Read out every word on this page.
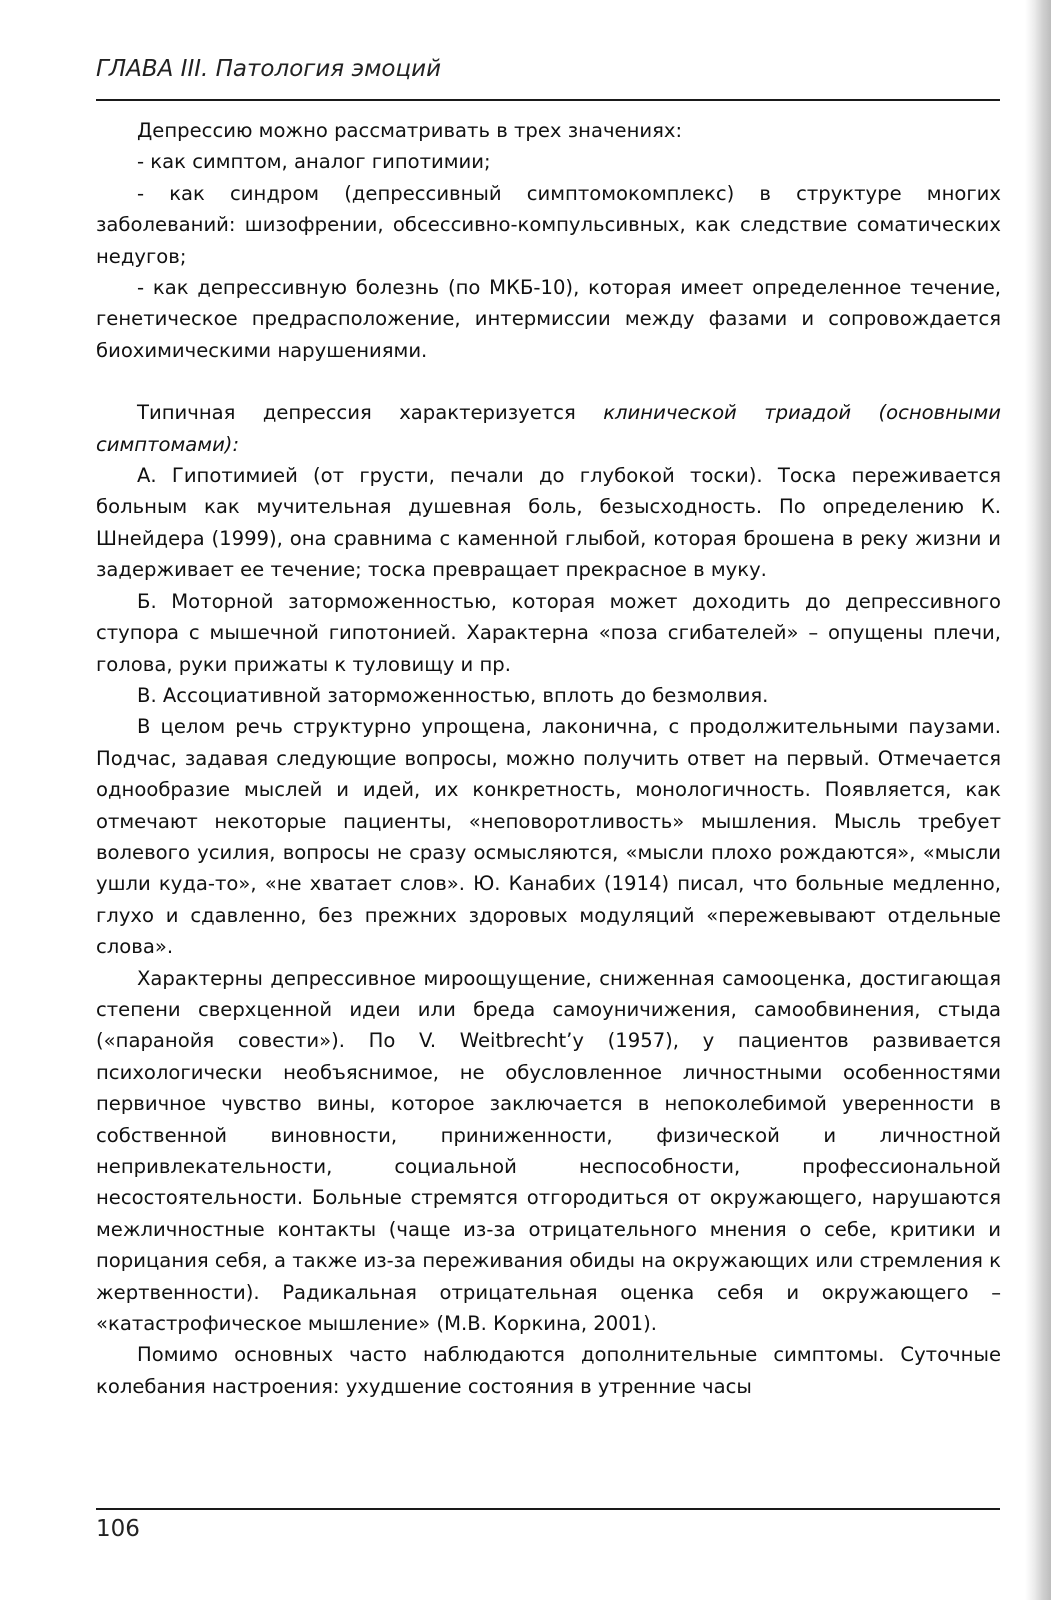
ГЛАВА III. Патология эмоций

Депрессию можно рассматривать в трех значениях:

- как симптом, аналог гипотимии;

- как синдром (депрессивный симптомокомплекс) в структуре многих заболеваний: шизофрении, обсессивно-компульсивных, как следствие соматических недугов;

- как депрессивную болезнь (по МКБ-10), которая имеет определенное течение, генетическое предрасположение, интермиссии между фазами и сопровождается биохимическими нарушениями.

Типичная депрессия характеризуется клинической триадой (основными симптомами):

А. Гипотимией (от грусти, печали до глубокой тоски). Тоска переживается больным как мучительная душевная боль, безысходность. По определению К. Шнейдера (1999), она сравнима с каменной глыбой, которая брошена в реку жизни и задерживает ее течение; тоска превращает прекрасное в муку.

Б. Моторной заторможенностью, которая может доходить до депрессивного ступора с мышечной гипотонией. Характерна «поза сгибателей» – опущены плечи, голова, руки прижаты к туловищу и пр.

В. Ассоциативной заторможенностью, вплоть до безмолвия.

В целом речь структурно упрощена, лаконична, с продолжительными паузами. Подчас, задавая следующие вопросы, можно получить ответ на первый. Отмечается однообразие мыслей и идей, их конкретность, монологичность. Появляется, как отмечают некоторые пациенты, «неповоротливость» мышления. Мысль требует волевого усилия, вопросы не сразу осмысляются, «мысли плохо рождаются», «мысли ушли куда-то», «не хватает слов». Ю. Канабих (1914) писал, что больные медленно, глухо и сдавленно, без прежних здоровых модуляций «пережевывают отдельные слова».

Характерны депрессивное мироощущение, сниженная самооценка, достигающая степени сверхценной идеи или бреда самоуничижения, самообвинения, стыда («паранойя совести»). По V. Weitbrecht’y (1957), у пациентов развивается психологически необъяснимое, не обусловленное личностными особенностями первичное чувство вины, которое заключается в непоколебимой уверенности в собственной виновности, приниженности, физической и личностной непривлекательности, социальной неспособности, профессиональной несостоятельности. Больные стремятся отгородиться от окружающего, нарушаются межличностные контакты (чаще из-за отрицательного мнения о себе, критики и порицания себя, а также из-за переживания обиды на окружающих или стремления к жертвенности). Радикальная отрицательная оценка себя и окружающего – «катастрофическое мышление» (М.В. Коркина, 2001).

Помимо основных часто наблюдаются дополнительные симптомы. Суточные колебания настроения: ухудшение состояния в утренние часы

106
